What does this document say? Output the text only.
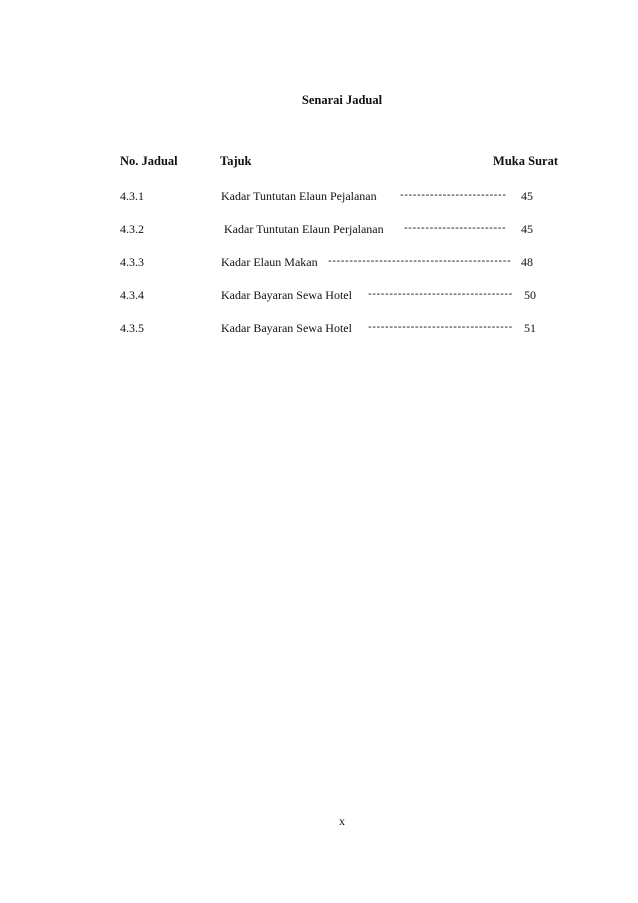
Senarai Jadual
No. Jadual	Tajuk	Muka Surat
4.3.1	Kadar Tuntutan Elaun Pejalanan ------------------------- 45
4.3.2	Kadar Tuntutan Elaun Perjalanan ------------------------ 45
4.3.3	Kadar Elaun Makan ------------------------------------------- 48
4.3.4	Kadar Bayaran Sewa Hotel ---------------------------------- 50
4.3.5	Kadar Bayaran Sewa Hotel ---------------------------------- 51
x
